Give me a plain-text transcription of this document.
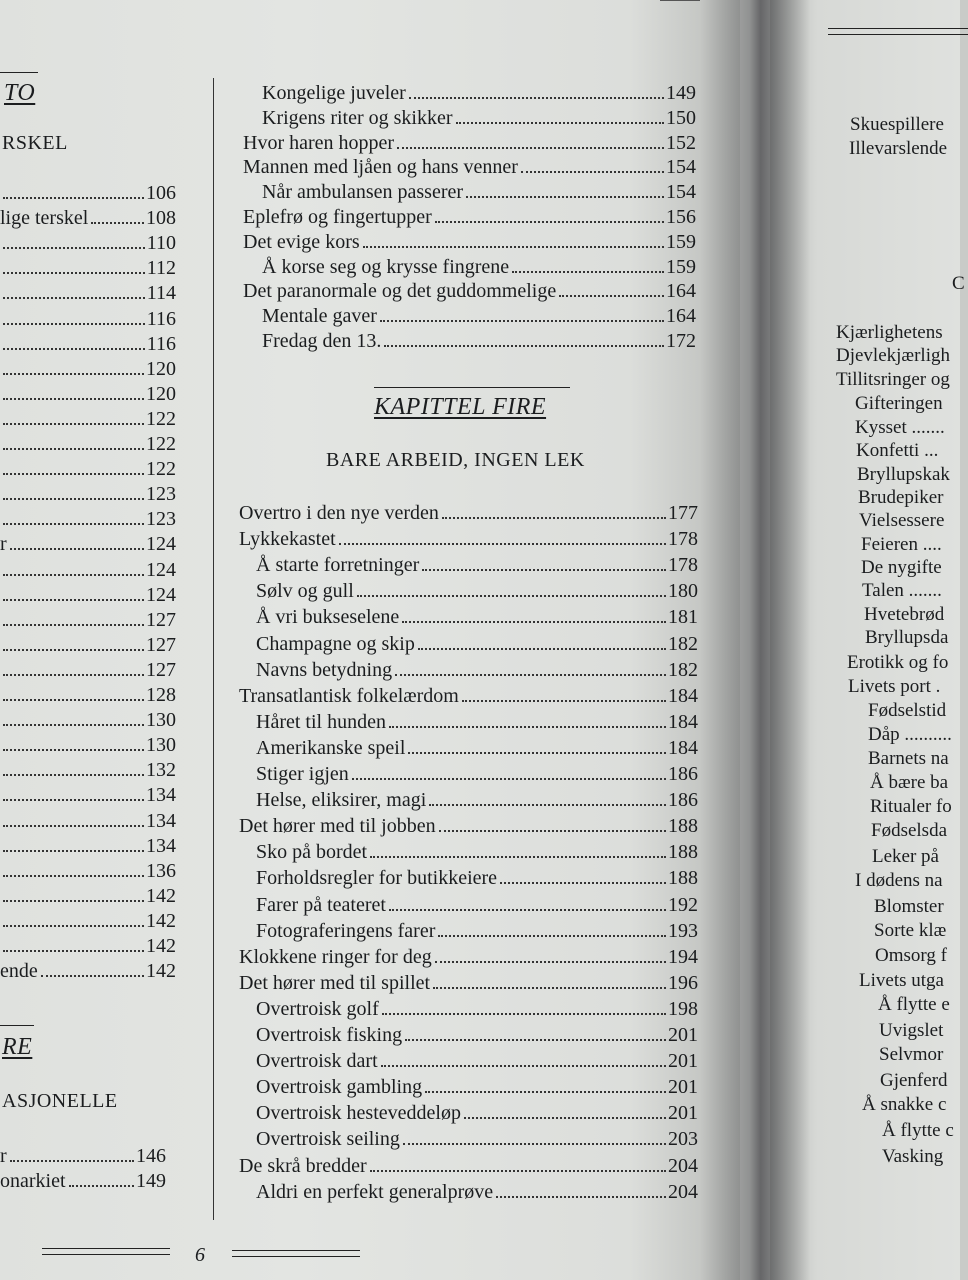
TO
RSKEL
106
lige terskel	108
110
112
114
116
116
120
120
122
122
122
123
123
r	124
124
124
127
127
127
128
130
130
132
134
134
134
136
142
142
142
ende	142
RE
ASJONELLE
r	146
onarkiet	149
Kongelige juveler	149
Krigens riter og skikker	150
Hvor haren hopper	152
Mannen med ljåen og hans venner	154
Når ambulansen passerer	154
Eplefrø og fingertupper	156
Det evige kors	159
Å korse seg og krysse fingrene	159
Det paranormale og det guddommelige	164
Mentale gaver	164
Fredag den 13.	172
KAPITTEL FIRE
BARE ARBEID, INGEN LEK
Overtro i den nye verden	177
Lykkekastet	178
Å starte forretninger	178
Sølv og gull	180
Å vri bukseselene	181
Champagne og skip	182
Navns betydning	182
Transatlantisk folkelærdom	184
Håret til hunden	184
Amerikanske speil	184
Stiger igjen	186
Helse, eliksirer, magi	186
Det hører med til jobben	188
Sko på bordet	188
Forholdsregler for butikkeiere	188
Farer på teateret	192
Fotograferingens farer	193
Klokkene ringer for deg	194
Det hører med til spillet	196
Overtroisk golf	198
Overtroisk fisking	201
Overtroisk dart	201
Overtroisk gambling	201
Overtroisk hesteveddeløp	201
Overtroisk seiling	203
De skrå bredder	204
Aldri en perfekt generalprøve	204
Skuespillere
Illevarslende
C
Kjærlighetens
Djevlekjærligh
Tillitsringer og
Gifteringen
Kysset .......
Konfetti ...
Bryllupskak
Brudepiker
Vielsessere
Feieren ....
De nygifte
Talen .......
Hvetebrød
Bryllupsda
Erotikk og fo
Livets port .
Fødselstid
Dåp ..........
Barnets na
Å bære ba
Ritualer fo
Fødselsda
Leker på
I dødens na
Blomster
Sorte klæ
Omsorg f
Livets utga
Å flytte e
Uvigslet
Selvmor
Gjenferd
Å snakke c
Å flytte c
Vasking
6
